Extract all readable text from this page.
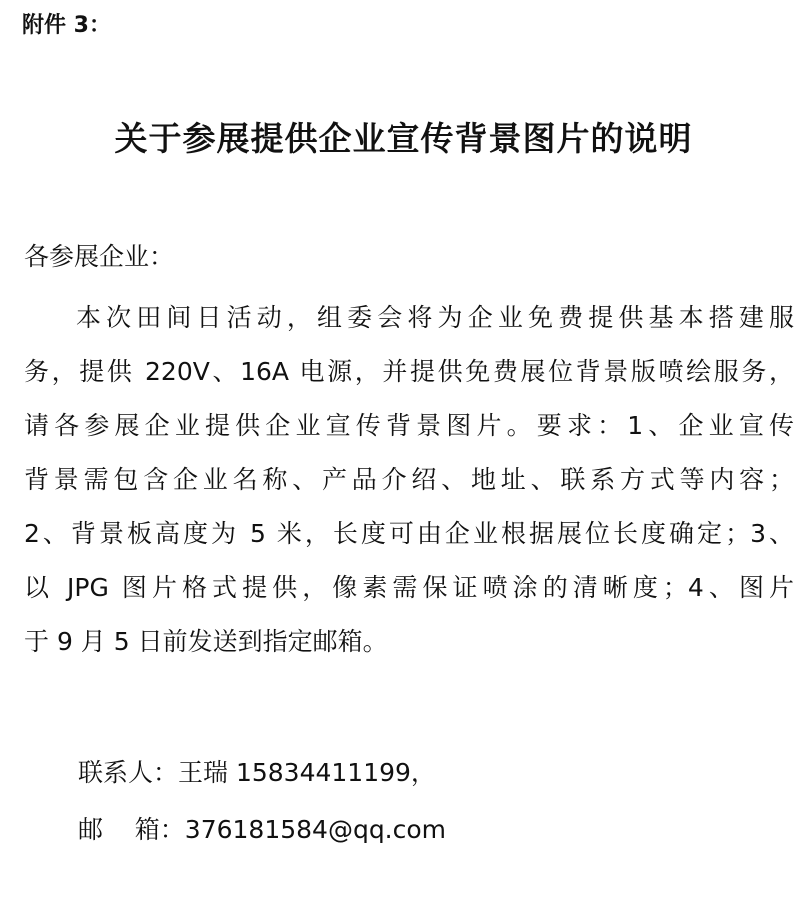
附件 3：
关于参展提供企业宣传背景图片的说明
各参展企业：
本次田间日活动，组委会将为企业免费提供基本搭建服
务，提供 220V、16A 电源，并提供免费展位背景版喷绘服务，
请各参展企业提供企业宣传背景图片。要求：1、企业宣传
背景需包含企业名称、产品介绍、地址、联系方式等内容；
2、背景板高度为 5 米，长度可由企业根据展位长度确定；3、
以 JPG 图片格式提供，像素需保证喷涂的清晰度；4、图片
于 9 月 5 日前发送到指定邮箱。
联系人：王瑞 15834411199，
邮    箱：376181584@qq.com
